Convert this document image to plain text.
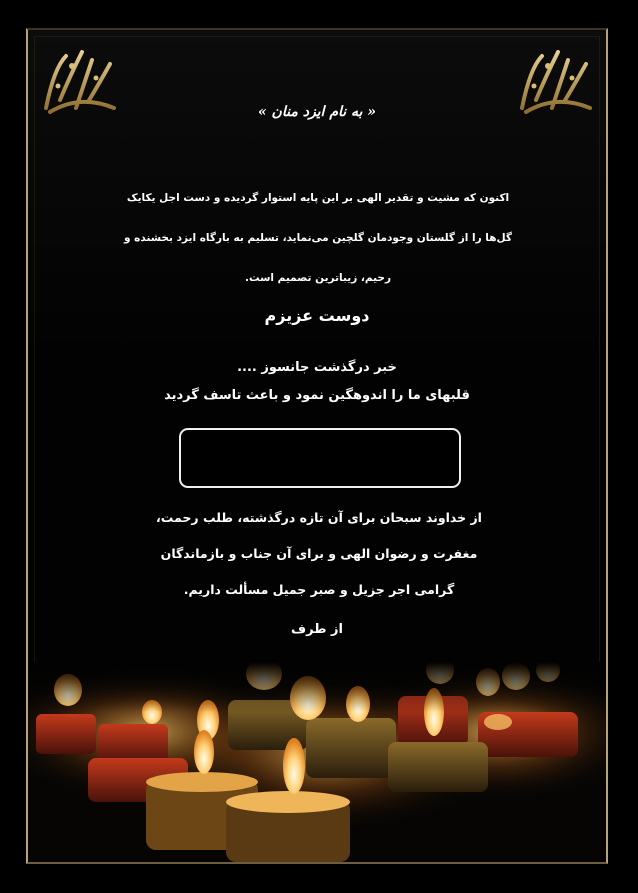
« به نام ایزد منان »
اکنون که مشیت و تقدیر الهی بر این پایه استوار گردیده و دست اجل یکایک
گل‌ها را از گلستان وجودمان گلچین می‌نماید، تسلیم به بارگاه ایزد بخشنده و
رحیم، زیباترین تصمیم است.
دوست عزیزم
خبر درگذشت جانسوز ....
قلبهای ما را اندوهگین نمود و باعث تاسف گردید
از خداوند سبحان برای آن تازه درگذشته، طلب رحمت،
مغفرت و رضوان الهی و برای آن جناب و بازماندگان
گرامی اجر جزیل و صبر جمیل مسألت داریم.
از طرف
